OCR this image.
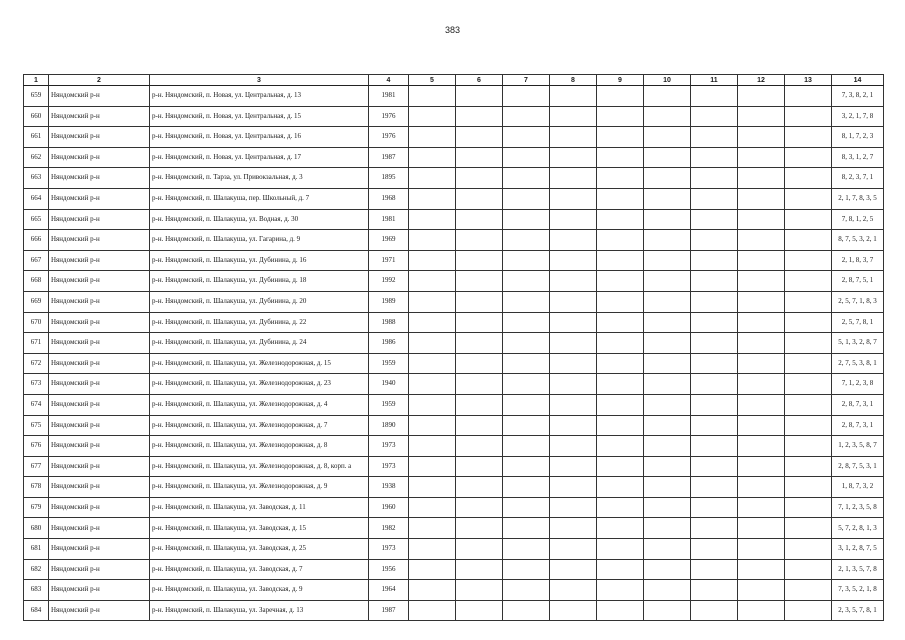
383
1	2	3	4	5	6	7	8	9	10	11	12	13	14
659	Няндомский р-н	р-н. Няндомский, п. Новая, ул. Центральная, д. 13	1981										7, 3, 8, 2, 1
660	Няндомский р-н	р-н. Няндомский, п. Новая, ул. Центральная, д. 15	1976										3, 2, 1, 7, 8
661	Няндомский р-н	р-н. Няндомский, п. Новая, ул. Центральная, д. 16	1976										8, 1, 7, 2, 3
662	Няндомский р-н	р-н. Няндомский, п. Новая, ул. Центральная, д. 17	1987										8, 3, 1, 2, 7
663	Няндомский р-н	р-н. Няндомский, п. Тарза, ул. Привокзальная, д. 3	1895										8, 2, 3, 7, 1
664	Няндомский р-н	р-н. Няндомский, п. Шалакуша, пер. Школьный, д. 7	1968										2, 1, 7, 8, 3, 5
665	Няндомский р-н	р-н. Няндомский, п. Шалакуша, ул. Водная, д. 30	1981										7, 8, 1, 2, 5
666	Няндомский р-н	р-н. Няндомский, п. Шалакуша, ул. Гагарина, д. 9	1969										8, 7, 5, 3, 2, 1
667	Няндомский р-н	р-н. Няндомский, п. Шалакуша, ул. Дубинина, д. 16	1971										2, 1, 8, 3, 7
668	Няндомский р-н	р-н. Няндомский, п. Шалакуша, ул. Дубинина, д. 18	1992										2, 8, 7, 5, 1
669	Няндомский р-н	р-н. Няндомский, п. Шалакуша, ул. Дубинина, д. 20	1989										2, 5, 7, 1, 8, 3
670	Няндомский р-н	р-н. Няндомский, п. Шалакуша, ул. Дубинина, д. 22	1988										2, 5, 7, 8, 1
671	Няндомский р-н	р-н. Няндомский, п. Шалакуша, ул. Дубинина, д. 24	1986										5, 1, 3, 2, 8, 7
672	Няндомский р-н	р-н. Няндомский, п. Шалакуша, ул. Железнодорожная, д. 15	1959										2, 7, 5, 3, 8, 1
673	Няндомский р-н	р-н. Няндомский, п. Шалакуша, ул. Железнодорожная, д. 23	1940										7, 1, 2, 3, 8
674	Няндомский р-н	р-н. Няндомский, п. Шалакуша, ул. Железнодорожная, д. 4	1959										2, 8, 7, 3, 1
675	Няндомский р-н	р-н. Няндомский, п. Шалакуша, ул. Железнодорожная, д. 7	1890										2, 8, 7, 3, 1
676	Няндомский р-н	р-н. Няндомский, п. Шалакуша, ул. Железнодорожная, д. 8	1973										1, 2, 3, 5, 8, 7
677	Няндомский р-н	р-н. Няндомский, п. Шалакуша, ул. Железнодорожная, д. 8, корп. а	1973										2, 8, 7, 5, 3, 1
678	Няндомский р-н	р-н. Няндомский, п. Шалакуша, ул. Железнодорожная, д. 9	1938										1, 8, 7, 3, 2
679	Няндомский р-н	р-н. Няндомский, п. Шалакуша, ул. Заводская, д. 11	1960										7, 1, 2, 3, 5, 8
680	Няндомский р-н	р-н. Няндомский, п. Шалакуша, ул. Заводская, д. 15	1982										5, 7, 2, 8, 1, 3
681	Няндомский р-н	р-н. Няндомский, п. Шалакуша, ул. Заводская, д. 25	1973										3, 1, 2, 8, 7, 5
682	Няндомский р-н	р-н. Няндомский, п. Шалакуша, ул. Заводская, д. 7	1956										2, 1, 3, 5, 7, 8
683	Няндомский р-н	р-н. Няндомский, п. Шалакуша, ул. Заводская, д. 9	1964										7, 3, 5, 2, 1, 8
684	Няндомский р-н	р-н. Няндомский, п. Шалакуша, ул. Заречная, д. 13	1987										2, 3, 5, 7, 8, 1
